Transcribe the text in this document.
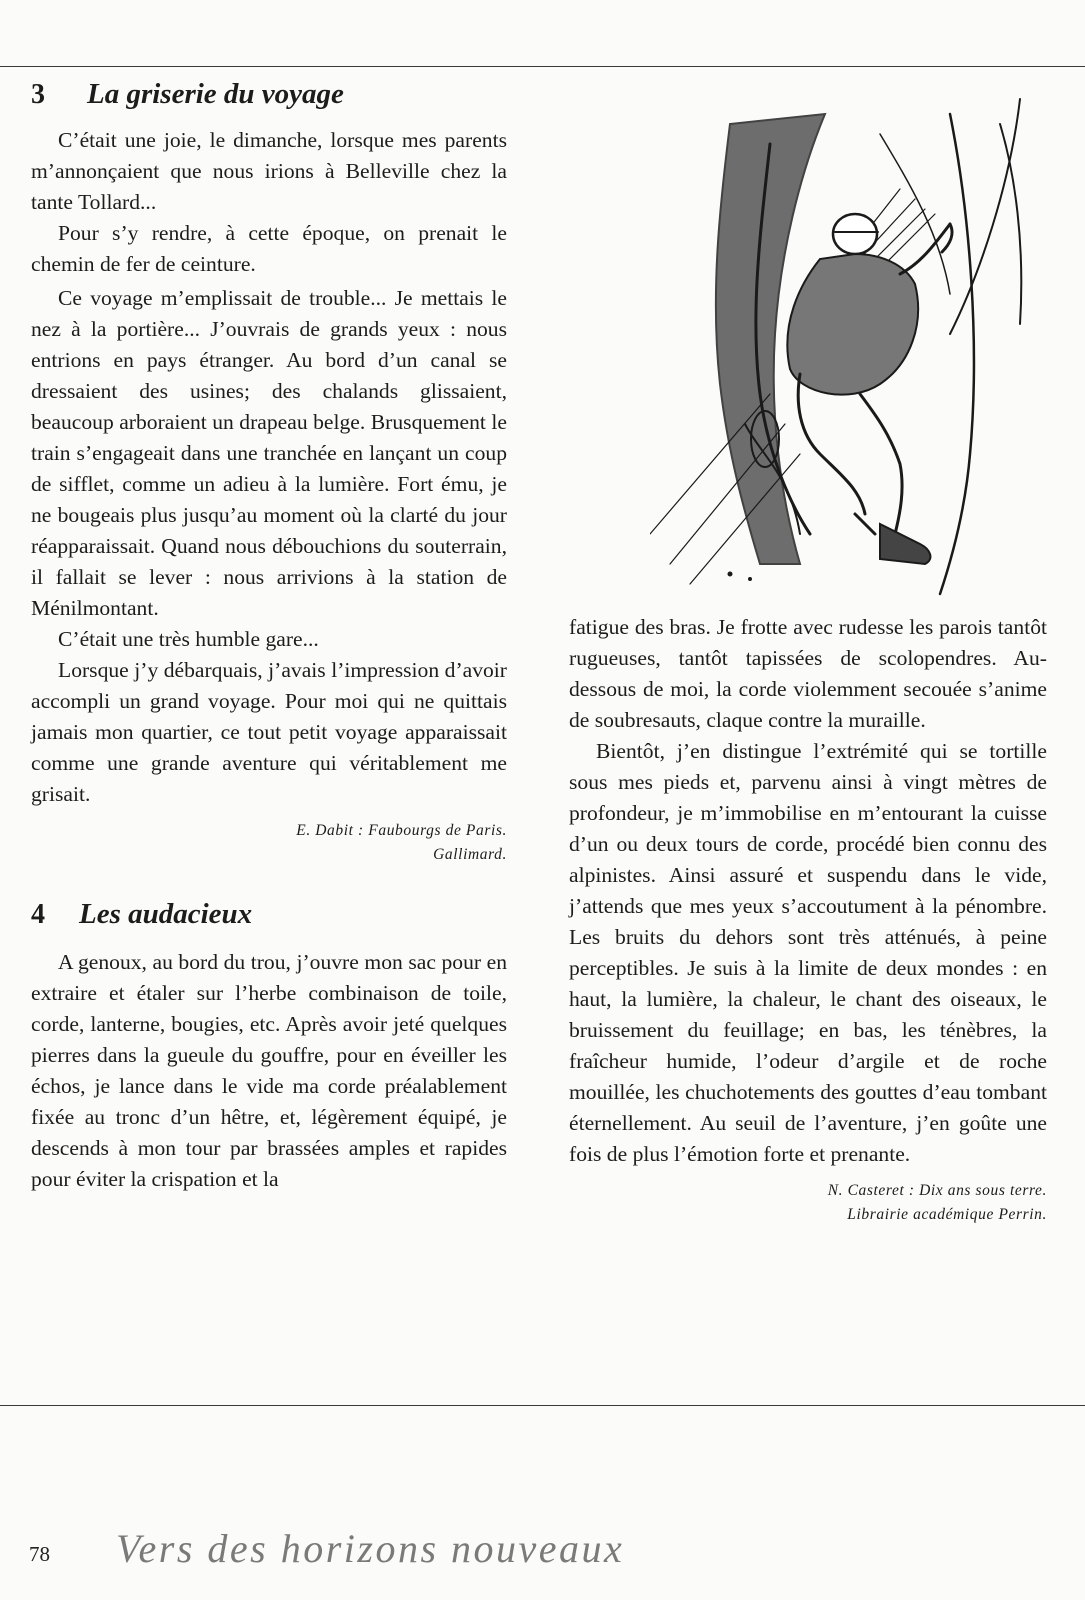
3	La griserie du voyage

C’était une joie, le dimanche, lorsque mes parents m’annonçaient que nous irions à Belleville chez la tante Tollard...

Pour s’y rendre, à cette époque, on prenait le chemin de fer de ceinture.

Ce voyage m’emplissait de trouble... Je mettais le nez à la portière... J’ouvrais de grands yeux : nous entrions en pays étranger. Au bord d’un canal se dressaient des usines; des chalands glissaient, beaucoup arboraient un drapeau belge. Brusquement le train s’engageait dans une tranchée en lançant un coup de sifflet, comme un adieu à la lumière. Fort ému, je ne bougeais plus jusqu’au moment où la clarté du jour réapparaissait. Quand nous débouchions du souterrain, il fallait se lever : nous arrivions à la station de Ménilmontant.

C’était une très humble gare...

Lorsque j’y débarquais, j’avais l’impression d’avoir accompli un grand voyage. Pour moi qui ne quittais jamais mon quartier, ce tout petit voyage apparaissait comme une grande aventure qui véritablement me grisait.

E. Dabit : Faubourgs de Paris.
Gallimard.
4	Les audacieux

A genoux, au bord du trou, j’ouvre mon sac pour en extraire et étaler sur l’herbe combinaison de toile, corde, lanterne, bougies, etc. Après avoir jeté quelques pierres dans la gueule du gouffre, pour en éveiller les échos, je lance dans le vide ma corde préalablement fixée au tronc d’un hêtre, et, légèrement équipé, je descends à mon tour par brassées amples et rapides pour éviter la crispation et la

fatigue des bras. Je frotte avec rudesse les parois tantôt rugueuses, tantôt tapissées de scolopendres. Au-dessous de moi, la corde violemment secouée s’anime de soubresauts, claque contre la muraille.

Bientôt, j’en distingue l’extrémité qui se tortille sous mes pieds et, parvenu ainsi à vingt mètres de profondeur, je m’immobilise en m’entourant la cuisse d’un ou deux tours de corde, procédé bien connu des alpinistes. Ainsi assuré et suspendu dans le vide, j’attends que mes yeux s’accoutument à la pénombre. Les bruits du dehors sont très atténués, à peine perceptibles. Je suis à la limite de deux mondes : en haut, la lumière, la chaleur, le chant des oiseaux, le bruissement du feuillage; en bas, les ténèbres, la fraîcheur humide, l’odeur d’argile et de roche mouillée, les chuchotements des gouttes d’eau tombant éternellement. Au seuil de l’aventure, j’en goûte une fois de plus l’émotion forte et prenante.

N. Casteret : Dix ans sous terre.
Librairie académique Perrin.
78 Vers des horizons nouveaux
